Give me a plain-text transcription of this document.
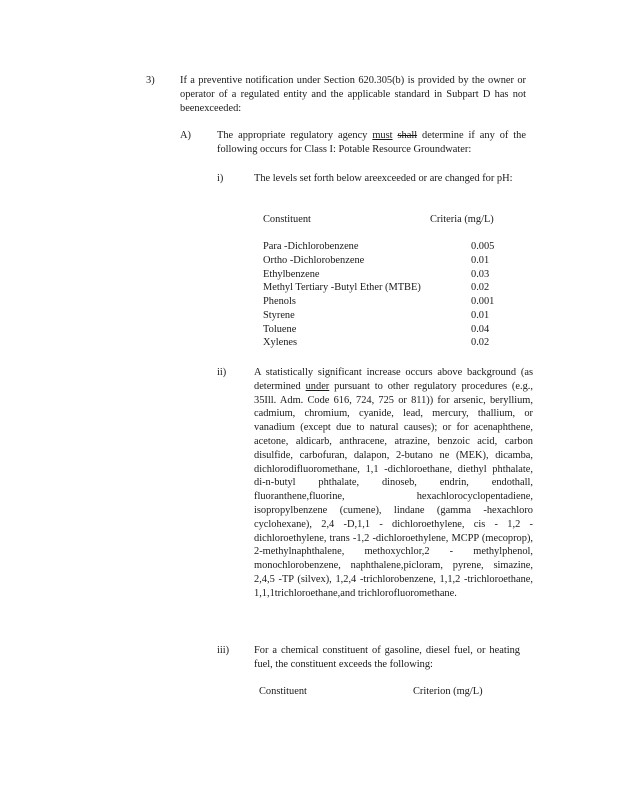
3) If a preventive notification under Section 620.305(b) is provided by the owner or operator of a regulated entity and the applicable standard in Subpart D has not beenexceeded:
A)	The appropriate regulatory agency must shall determine if any of the following occurs for Class I: Potable Resource Groundwater:
i)	The levels set forth below areexceeded or are changed for pH:
Constituent	Criteria (mg/L)
Para -Dichlorobenzene	0.005
Ortho -Dichlorobenzene	0.01
Ethylbenzene	0.03
Methyl Tertiary -Butyl Ether (MTBE)	0.02
Phenols	0.001
Styrene	0.01
Toluene	0.04
Xylenes	0.02
ii)	A statistically significant increase occurs above background (as determined under pursuant to other regulatory procedures (e.g., 35Ill. Adm. Code 616, 724, 725 or 811)) for arsenic, beryllium, cadmium, chromium, cyanide, lead, mercury, thallium, or vanadium (except due to natural causes); or for acenaphthene, acetone, aldicarb, anthracene, atrazine, benzoic acid, carbon disulfide, carbofuran, dalapon, 2-butano ne (MEK), dicamba, dichlorodifluoromethane, 1,1 -dichloroethane, diethyl phthalate, di-n-butyl phthalate, dinoseb, endrin, endothall, fluoranthene,fluorine, hexachlorocyclopentadiene, isopropylbenzene (cumene), lindane (gamma -hexachloro cyclohexane), 2,4 -D,1,1 - dichloroethylene, cis - 1,2 - dichloroethylene, trans -1,2 -dichloroethylene, MCPP (mecoprop), 2-methylnaphthalene, methoxychlor,2 - methylphenol, monochlorobenzene, naphthalene,picloram, pyrene, simazine, 2,4,5 -TP (silvex), 1,2,4 -trichlorobenzene, 1,1,2 -trichloroethane, 1,1,1trichloroethane,and trichlorofluoromethane.
iii) For a chemical constituent of gasoline, diesel fuel, or heating fuel, the constituent exceeds the following:
Constituent	Criterion (mg/L)
